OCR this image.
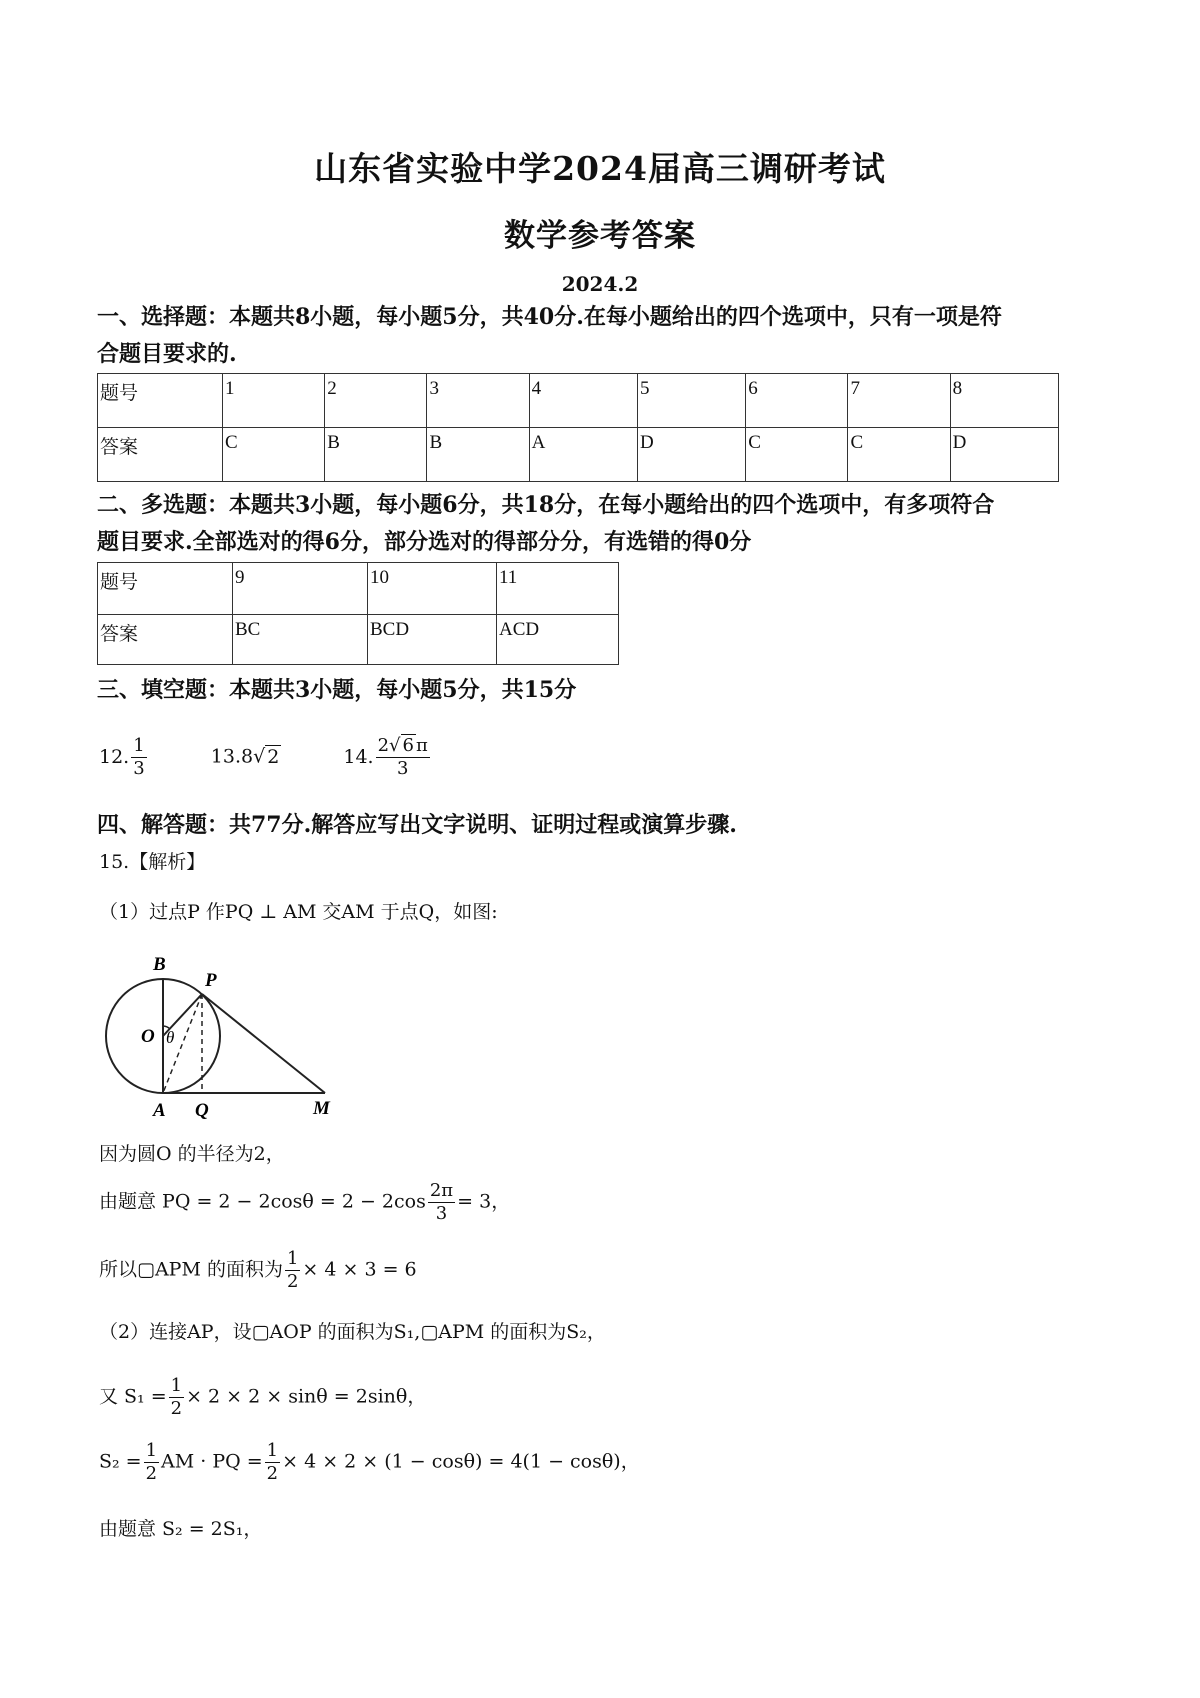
山东省实验中学2024届高三调研考试
数学参考答案
2024.2
一、选择题：本题共8小题，每小题5分，共40分.在每小题给出的四个选项中，只有一项是符
合题目要求的.
题号	1	2	3	4	5	6	7	8
答案	C	B	B	A	D	C	C	D
二、多选题：本题共3小题，每小题6分，共18分，在每小题给出的四个选项中，有多项符合
题目要求.全部选对的得6分，部分选对的得部分分，有选错的得0分
题号	9	10	11
答案	BC	BCD	ACD
三、填空题：本题共3小题，每小题5分，共15分
12. $\frac{1}{3}$	13.8√ 2	14. $\frac{2√ 6 \pi}{3}$
四、解答题：共77分.解答应写出文字说明、证明过程或演算步骤.
15.【解析】
（1）过点P 作PQ ⊥ AM 交AM 于点Q，如图:
B
P
O θ
A Q	M
因为圆O 的半径为2，
由题意 PQ = $2 - 2\cos\theta = 2 - 2\cos \frac{2\pi}{3} = 3$，
所以▢APM 的面积为 $\frac{1}{2} \times 4 \times 3 = 6$
（2）连接AP，设▢AOP 的面积为S₁,▢APM 的面积为S₂，
又 $S_1 = \frac{1}{2} \times 2 \times 2 \times \sin\theta = 2\sin\theta$，
$S_2 = \frac{1}{2}$ AM · PQ = $\frac{1}{2} \times 4 \times 2 \times (1 - \cos\theta) = 4(1 - \cos\theta)$，
由题意 S₂ = 2S₁，
